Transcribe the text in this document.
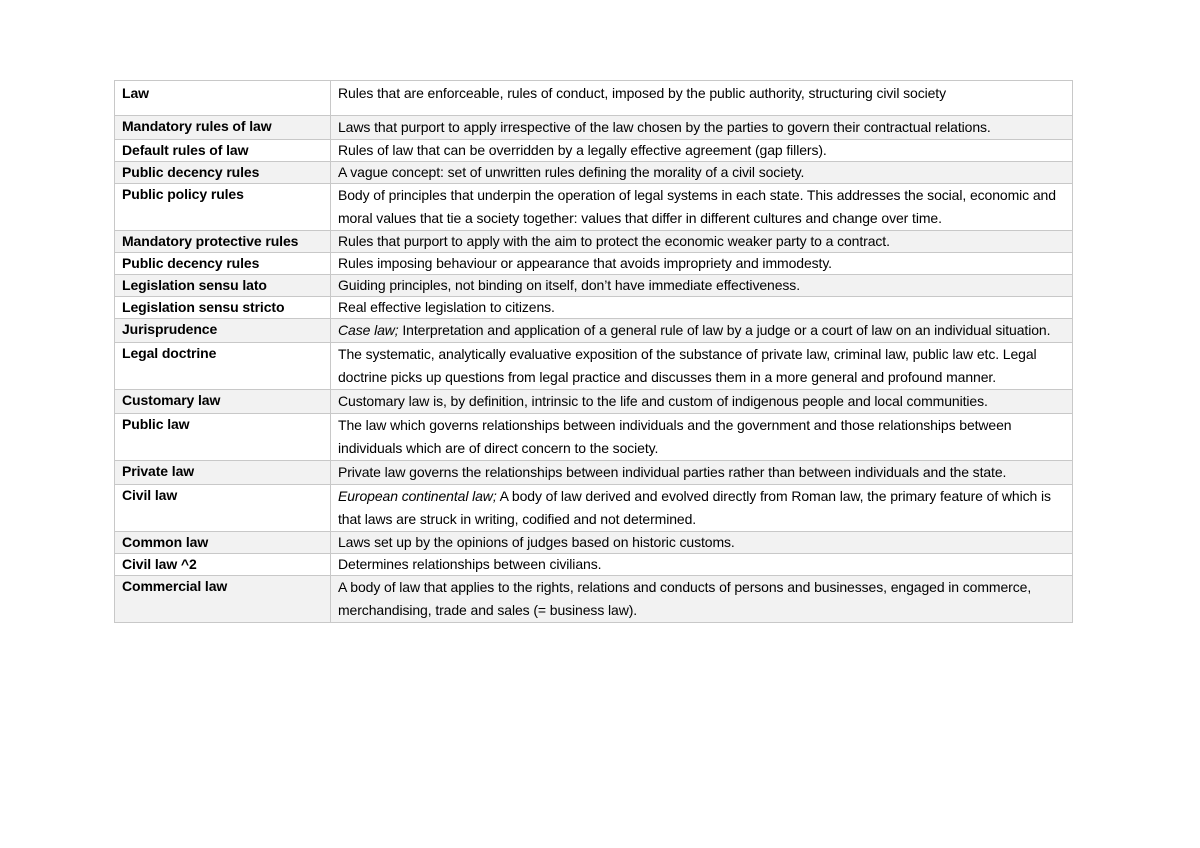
Law	Rules that are enforceable, rules of conduct, imposed by the public authority, structuring civil society
Mandatory rules of law	Laws that purport to apply irrespective of the law chosen by the parties to govern their contractual relations.
Default rules of law	Rules of law that can be overridden by a legally effective agreement (gap fillers).
Public decency rules	A vague concept: set of unwritten rules defining the morality of a civil society.
Public policy rules	Body of principles that underpin the operation of legal systems in each state. This addresses the social, economic and moral values that tie a society together: values that differ in different cultures and change over time.
Mandatory protective rules	Rules that purport to apply with the aim to protect the economic weaker party to a contract.
Public decency rules	Rules imposing behaviour or appearance that avoids impropriety and immodesty.
Legislation sensu lato	Guiding principles, not binding on itself, don’t have immediate effectiveness.
Legislation sensu stricto	Real effective legislation to citizens.
Jurisprudence	Case law; Interpretation and application of a general rule of law by a judge or a court of law on an individual situation.
Legal doctrine	The systematic, analytically evaluative exposition of the substance of private law, criminal law, public law etc. Legal doctrine picks up questions from legal practice and discusses them in a more general and profound manner.
Customary law	Customary law is, by definition, intrinsic to the life and custom of indigenous people and local communities.
Public law	The law which governs relationships between individuals and the government and those relationships between individuals which are of direct concern to the society.
Private law	Private law governs the relationships between individual parties rather than between individuals and the state.
Civil law	European continental law; A body of law derived and evolved directly from Roman law, the primary feature of which is that laws are struck in writing, codified and not determined.
Common law	Laws set up by the opinions of judges based on historic customs.
Civil law ^2	Determines relationships between civilians.
Commercial law	A body of law that applies to the rights, relations and conducts of persons and businesses, engaged in commerce, merchandising, trade and sales (= business law).
